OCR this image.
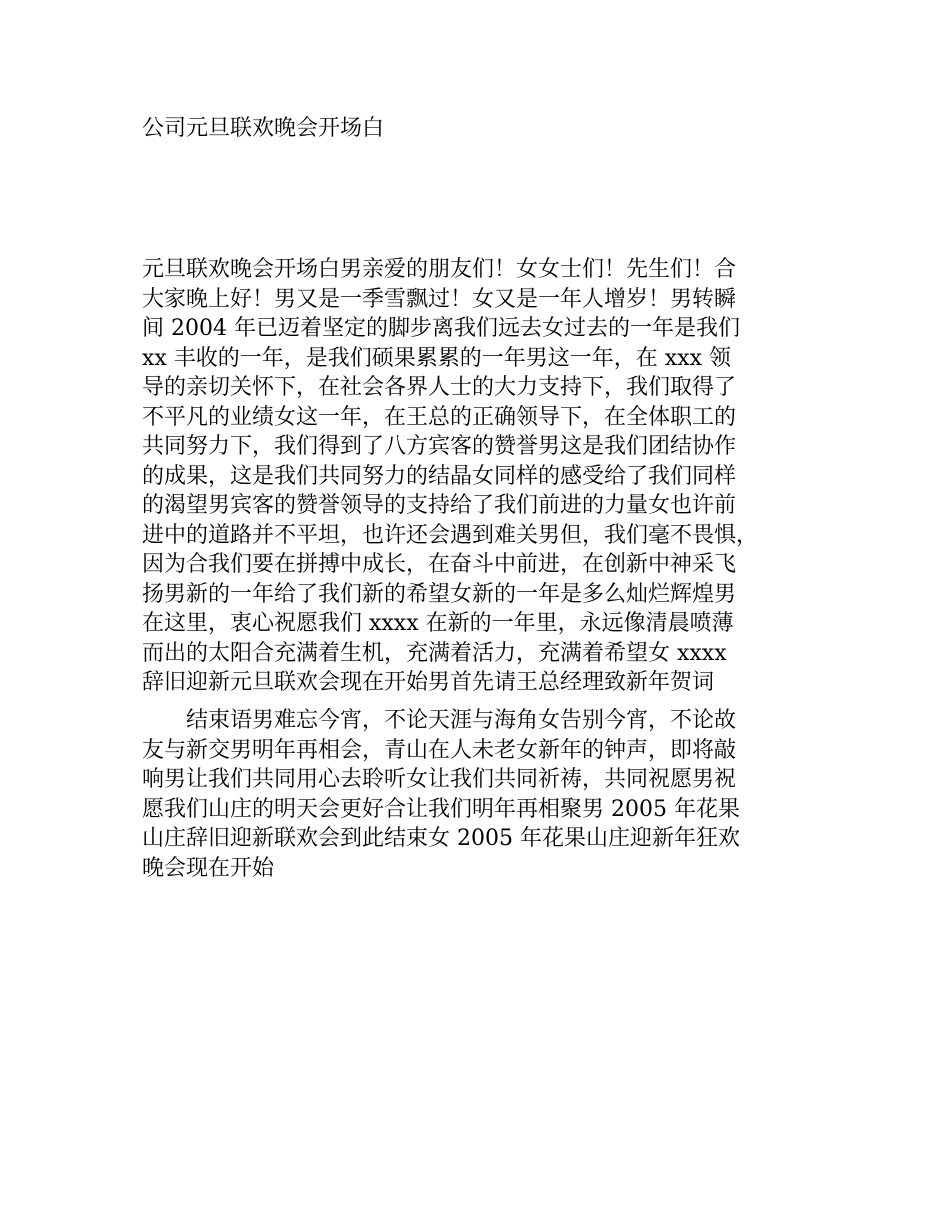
公司元旦联欢晚会开场白

元旦联欢晚会开场白男亲爱的朋友们！女女士们！先生们！合
大家晚上好！男又是一季雪飘过！女又是一年人增岁！男转瞬
间 2004 年已迈着坚定的脚步离我们远去女过去的一年是我们
xx 丰收的一年，是我们硕果累累的一年男这一年，在 xxx 领
导的亲切关怀下，在社会各界人士的大力支持下，我们取得了
不平凡的业绩女这一年，在王总的正确领导下，在全体职工的
共同努力下，我们得到了八方宾客的赞誉男这是我们团结协作
的成果，这是我们共同努力的结晶女同样的感受给了我们同样
的渴望男宾客的赞誉领导的支持给了我们前进的力量女也许前
进中的道路并不平坦，也许还会遇到难关男但，我们毫不畏惧，
因为合我们要在拼搏中成长，在奋斗中前进，在创新中神采飞
扬男新的一年给了我们新的希望女新的一年是多么灿烂辉煌男
在这里，衷心祝愿我们 xxxx 在新的一年里，永远像清晨喷薄
而出的太阳合充满着生机，充满着活力，充满着希望女 xxxx
辞旧迎新元旦联欢会现在开始男首先请王总经理致新年贺词

　　结束语男难忘今宵，不论天涯与海角女告别今宵，不论故
友与新交男明年再相会，青山在人未老女新年的钟声，即将敲
响男让我们共同用心去聆听女让我们共同祈祷，共同祝愿男祝
愿我们山庄的明天会更好合让我们明年再相聚男 2005 年花果
山庄辞旧迎新联欢会到此结束女 2005 年花果山庄迎新年狂欢
晚会现在开始
